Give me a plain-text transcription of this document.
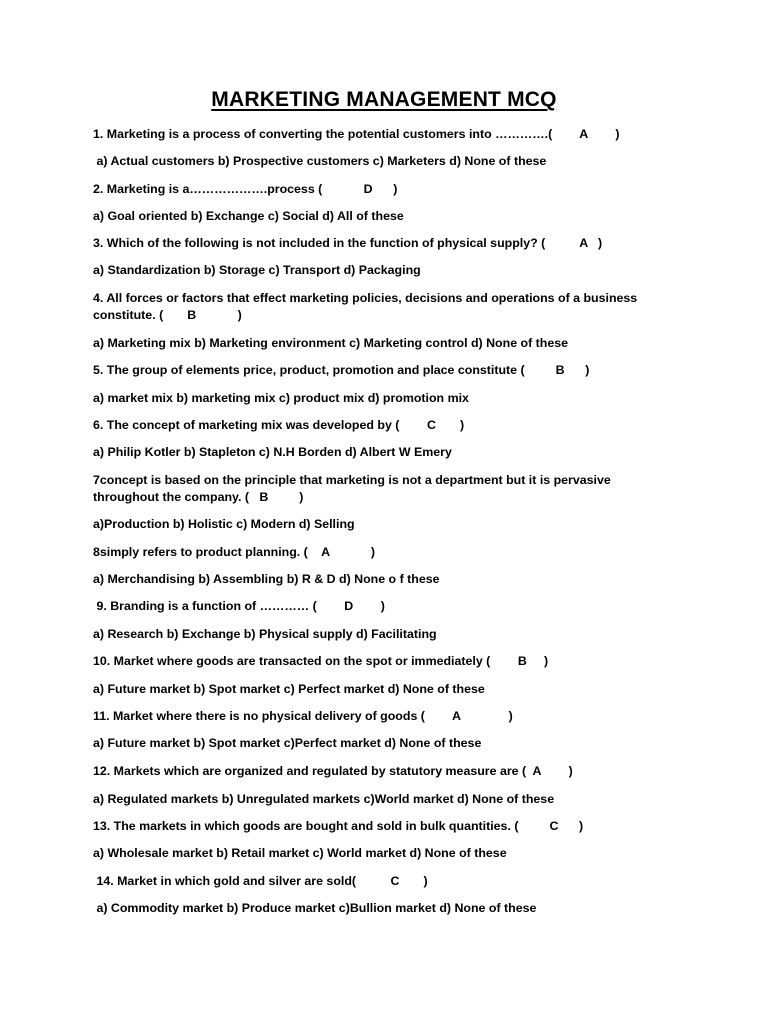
MARKETING MANAGEMENT MCQ
1. Marketing is a process of converting the potential customers into ………….(        A        )
a) Actual customers b) Prospective customers c) Marketers d) None of these
2. Marketing is a……………….process (            D      )
a) Goal oriented b) Exchange c) Social d) All of these
3. Which of the following is not included in the function of physical supply? (          A   )
a) Standardization b) Storage c) Transport d) Packaging
4. All forces or factors that effect marketing policies, decisions and operations of a business
constitute. (       B            )
a) Marketing mix b) Marketing environment c) Marketing control d) None of these
5. The group of elements price, product, promotion and place constitute (         B      )
a) market mix b) marketing mix c) product mix d) promotion mix
6. The concept of marketing mix was developed by (        C       )
a) Philip Kotler b) Stapleton c) N.H Borden d) Albert W Emery
7concept is based on the principle that marketing is not a department but it is pervasive
throughout the company. (   B         )
a)Production b) Holistic c) Modern d) Selling
8simply refers to product planning. (    A            )
a) Merchandising b) Assembling b) R & D d) None o f these
9. Branding is a function of ………… (        D        )
a) Research b) Exchange b) Physical supply d) Facilitating
10. Market where goods are transacted on the spot or immediately (        B     )
a) Future market b) Spot market c) Perfect market d) None of these
11. Market where there is no physical delivery of goods (        A              )
a) Future market b) Spot market c)Perfect market d) None of these
12. Markets which are organized and regulated by statutory measure are (  A        )
a) Regulated markets b) Unregulated markets c)World market d) None of these
13. The markets in which goods are bought and sold in bulk quantities. (         C      )
a) Wholesale market b) Retail market c) World market d) None of these
14. Market in which gold and silver are sold(          C       )
a) Commodity market b) Produce market c)Bullion market d) None of these
